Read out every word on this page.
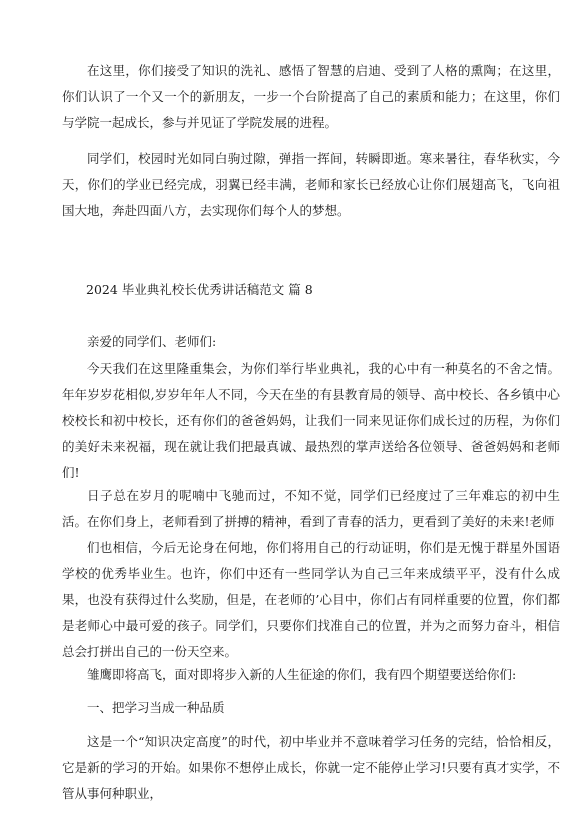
在这里，你们接受了知识的洗礼、感悟了智慧的启迪、受到了人格的熏陶；在这里，你们认识了一个又一个的新朋友，一步一个台阶提高了自己的素质和能力；在这里，你们与学院一起成长，参与并见证了学院发展的进程。

同学们，校园时光如同白驹过隙，弹指一挥间，转瞬即逝。寒来暑往，春华秋实，今天，你们的学业已经完成，羽翼已经丰满，老师和家长已经放心让你们展翅高飞，飞向祖国大地，奔赴四面八方，去实现你们每个人的梦想。

2024 毕业典礼校长优秀讲话稿范文 篇 8

亲爱的同学们、老师们:

今天我们在这里隆重集会，为你们举行毕业典礼，我的心中有一种莫名的不舍之情。年年岁岁花相似,岁岁年年人不同，今天在坐的有县教育局的领导、高中校长、各乡镇中心校校长和初中校长，还有你们的爸爸妈妈，让我们一同来见证你们成长过的历程，为你们的美好未来祝福，现在就让我们把最真诚、最热烈的掌声送给各位领导、爸爸妈妈和老师们!

日子总在岁月的呢喃中飞驰而过，不知不觉，同学们已经度过了三年难忘的初中生活。在你们身上，老师看到了拼搏的精神，看到了青春的活力，更看到了美好的未来!老师

们也相信，今后无论身在何地，你们将用自己的行动证明，你们是无愧于群星外国语学校的优秀毕业生。也许，你们中还有一些同学认为自己三年来成绩平平，没有什么成果，也没有获得过什么奖励，但是，在老师的’心目中，你们占有同样重要的位置，你们都是老师心中最可爱的孩子。同学们，只要你们找准自己的位置，并为之而努力奋斗，相信总会打拼出自己的一份天空来。

雏鹰即将高飞，面对即将步入新的人生征途的你们，我有四个期望要送给你们:

一、把学习当成一种品质

这是一个“知识决定高度”的时代，初中毕业并不意味着学习任务的完结，恰恰相反，它是新的学习的开始。如果你不想停止成长，你就一定不能停止学习!只要有真才实学，不管从事何种职业，
